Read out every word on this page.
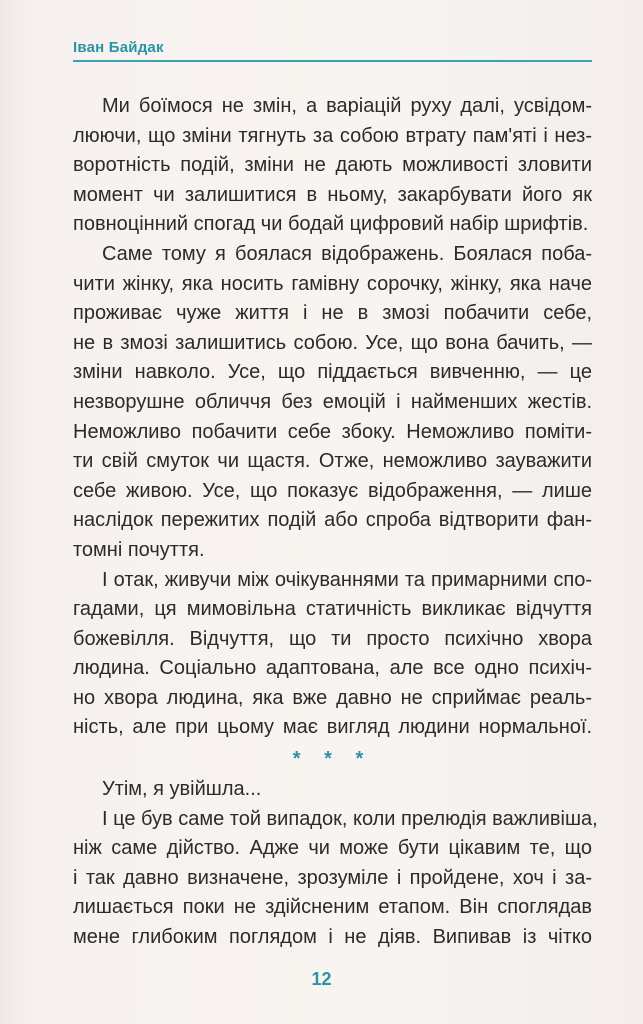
Іван Байдак

Ми боїмося не змін, а варіацій руху далі, усвідом-
люючи, що зміни тягнуть за собою втрату пам'яті і нез-
воротність подій, зміни не дають можливості зловити
момент чи залишитися в ньому, закарбувати його як
повноцінний спогад чи бодай цифровий набір шрифтів.

Саме тому я боялася відображень. Боялася поба-
чити жінку, яка носить гамівну сорочку, жінку, яка наче
проживає чуже життя і не в змозі побачити себе,
не в змозі залишитись собою. Усе, що вона бачить, —
зміни навколо. Усе, що піддається вивченню, — це
незворушне обличчя без емоцій і найменших жестів.
Неможливо побачити себе збоку. Неможливо поміти-
ти свій смуток чи щастя. Отже, неможливо зауважити
себе живою. Усе, що показує відображення, — лише
наслідок пережитих подій або спроба відтворити фан-
томні почуття.

І отак, живучи між очікуваннями та примарними спо-
гадами, ця мимовільна статичність викликає відчуття
божевілля. Відчуття, що ти просто психічно хвора
людина. Соціально адаптована, але все одно психіч-
но хвора людина, яка вже давно не сприймає реаль-
ність, але при цьому має вигляд людини нормальної.

* * *

Утім, я увійшла...

І це був саме той випадок, коли прелюдія важливіша,
ніж саме дійство. Адже чи може бути цікавим те, що
і так давно визначене, зрозуміле і пройдене, хоч і за-
лишається поки не здійсненим етапом. Він споглядав
мене глибоким поглядом і не діяв. Випивав із чітко

12
